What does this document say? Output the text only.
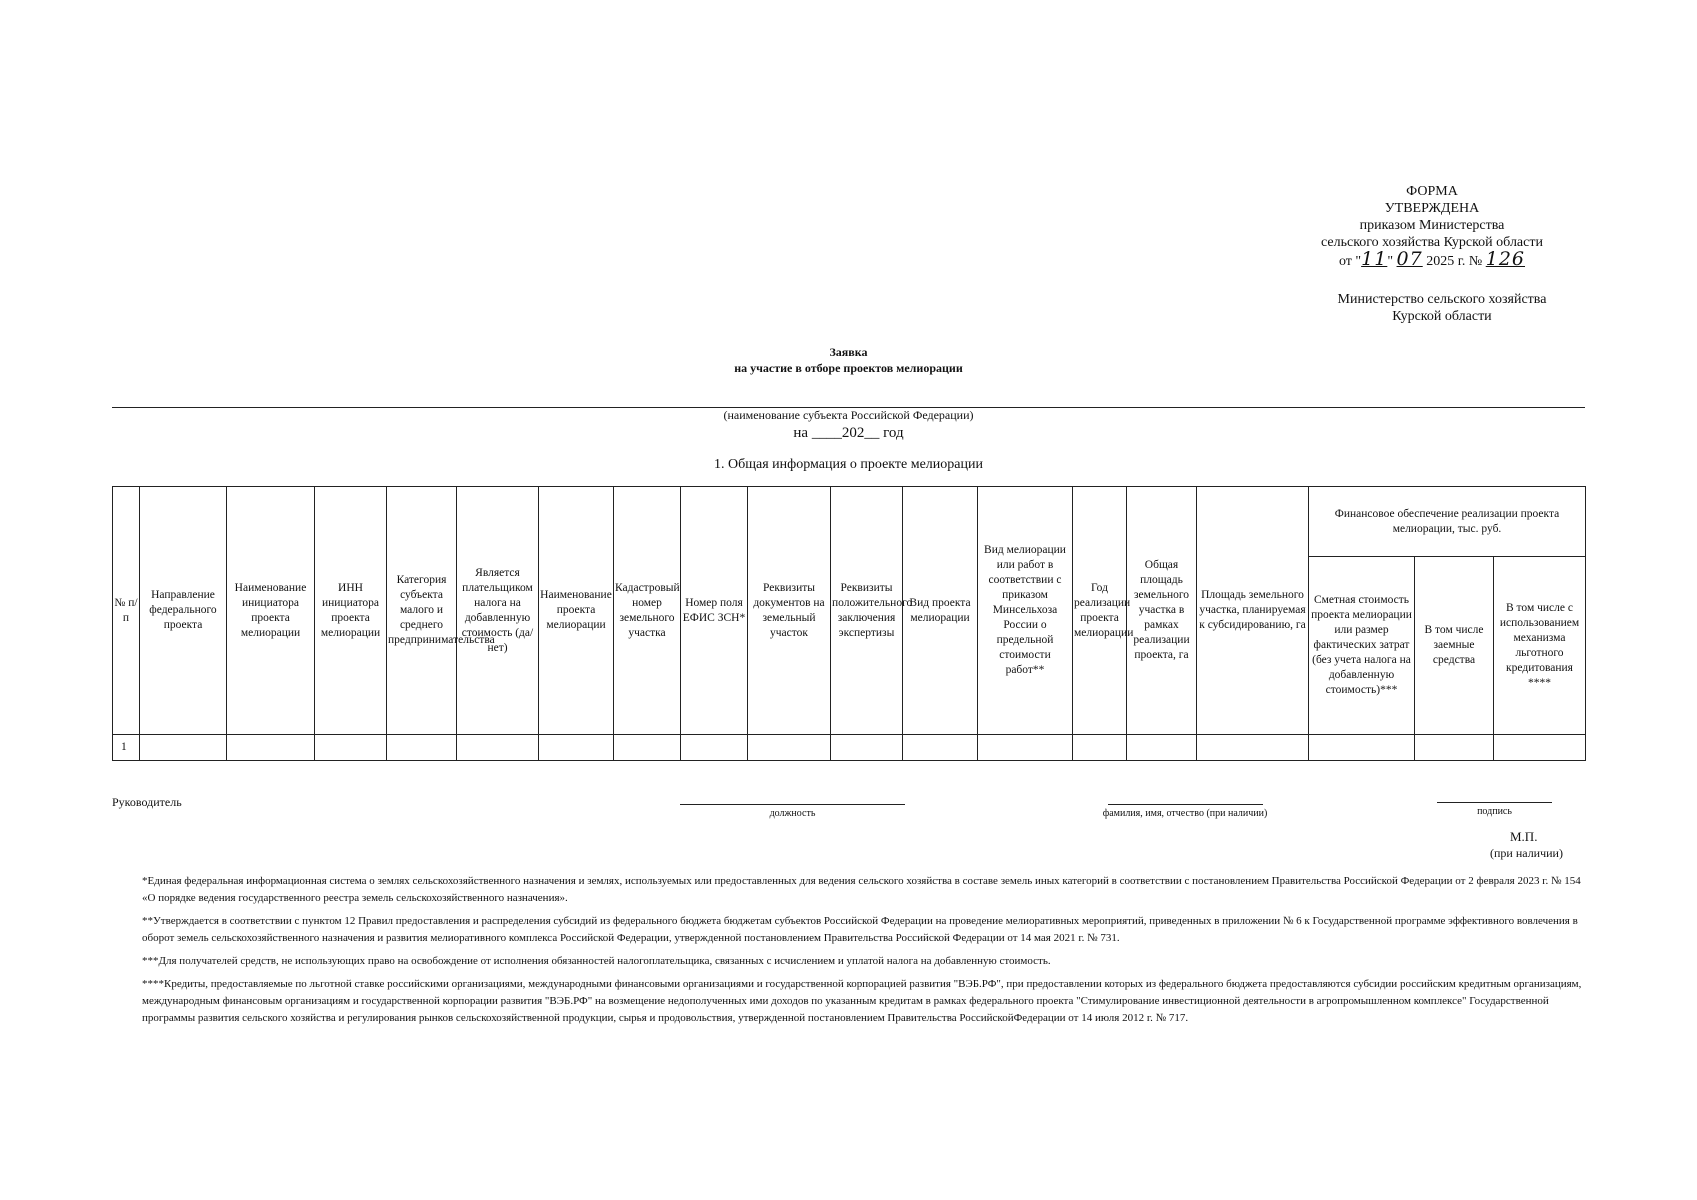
ФОРМА
УТВЕРЖДЕНА
приказом Министерства
сельского хозяйства Курской области
от "11" 07 2025 г. № 126
Министерство сельского хозяйства
Курской области
Заявка
на участие в отборе проектов мелиорации
(наименование субъекта Российской Федерации)
на ____202__ год
1. Общая информация о проекте мелиорации
№ п/п	Направление федерального проекта	Наименование инициатора проекта мелиорации	ИНН инициатора проекта мелиорации	Категория субъекта малого и среднего предпринимательства	Является плательщиком налога на добавленную стоимость (да/нет)	Наименование проекта мелиорации	Кадастровый номер земельного участка	Номер поля ЕФИС ЗСН*	Реквизиты документов на земельный участок	Реквизиты положительного заключения экспертизы	Вид проекта мелиорации	Вид мелиорации или работ в соответствии с приказом Минсельхоза России о предельной стоимости работ**	Год реализации проекта мелиорации	Общая площадь земельного участка в рамках реализации проекта, га	Площадь земельного участка, планируемая к субсидированию, га	Финансовое обеспечение реализации проекта мелиорации, тыс. руб.		
																Сметная стоимость проекта мелиорации или размер фактических затрат (без учета налога на добавленную стоимость)***	В том числе заемные средства	В том числе с использованием механизма льготного кредитования ****
1																		
Руководитель
должность	фамилия, имя, отчество (при наличии)	подпись
М.П.
(при наличии)

*Единая федеральная информационная система о землях сельскохозяйственного назначения и землях, используемых или предоставленных для ведения сельского хозяйства в составе земель иных категорий в соответствии с постановлением Правительства Российской Федерации от 2 февраля 2023 г. № 154 «О порядке ведения государственного реестра земель сельскохозяйственного назначения».

**Утверждается в соответствии с пунктом 12 Правил предоставления и распределения субсидий из федерального бюджета бюджетам субъектов Российской Федерации на проведение мелиоративных мероприятий, приведенных в приложении № 6 к Государственной программе эффективного вовлечения в оборот земель сельскохозяйственного назначения и развития мелиоративного комплекса Российской Федерации, утвержденной постановлением Правительства Российской Федерации от 14 мая 2021 г. № 731.

***Для получателей средств, не использующих право на освобождение от исполнения обязанностей налогоплательщика, связанных с исчислением и уплатой налога на добавленную стоимость.

****Кредиты, предоставляемые по льготной ставке российскими организациями, международными финансовыми организациями и государственной корпорацией развития "ВЭБ.РФ", при предоставлении которых из федерального бюджета предоставляются субсидии российским кредитным организациям, международным финансовым организациям и государственной корпорации развития "ВЭБ.РФ" на возмещение недополученных ими доходов по указанным кредитам в рамках федерального проекта "Стимулирование инвестиционной деятельности в агропромышленном комплексе" Государственной программы развития сельского хозяйства и регулирования рынков сельскохозяйственной продукции, сырья и продовольствия, утвержденной постановлением Правительства РоссийскойФедерации от 14 июля 2012 г. № 717.
